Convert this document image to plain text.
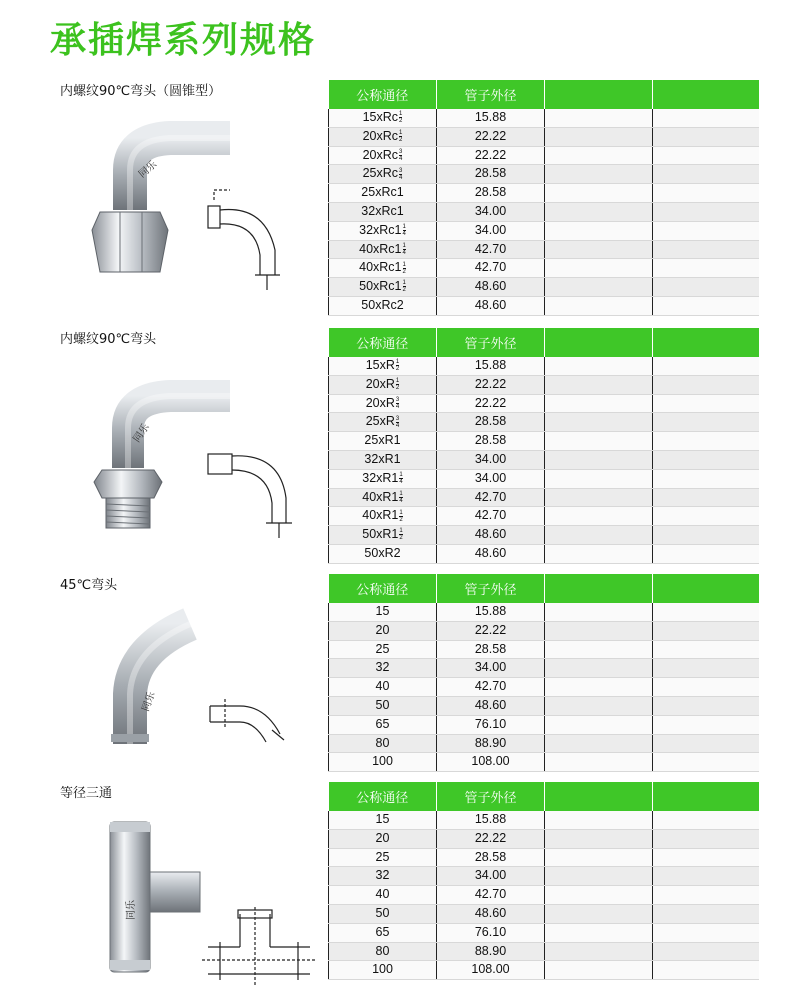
承插焊系列规格
内螺纹90℃弯头（圆锥型）
同乐
公称通径	管子外径		
$15xRc \frac{1}{2}$	15.88		
$20xRc \frac{1}{2}$	22.22		
$20xRc \frac{3}{4}$	22.22		
$25xRc \frac{3}{4}$	28.58		
25xRc1	28.58		
32xRc1	34.00		
$32xRc1 \frac{1}{4}$	34.00		
$40xRc1 \frac{1}{4}$	42.70		
$40xRc1 \frac{1}{2}$	42.70		
$50xRc1 \frac{1}{2}$	48.60		
50xRc2	48.60		
内螺纹90℃弯头
同乐
公称通径	管子外径		
$15xR \frac{1}{2}$	15.88		
$20xR \frac{1}{2}$	22.22		
$20xR \frac{3}{4}$	22.22		
$25xR \frac{3}{4}$	28.58		
25xR1	28.58		
32xR1	34.00		
$32xR1 \frac{1}{4}$	34.00		
$40xR1 \frac{1}{4}$	42.70		
$40xR1 \frac{1}{2}$	42.70		
$50xR1 \frac{1}{2}$	48.60		
50xR2	48.60		
45℃弯头
同乐
公称通径	管子外径		
15	15.88		
20	22.22		
25	28.58		
32	34.00		
40	42.70		
50	48.60		
65	76.10		
80	88.90		
100	108.00		
等径三通
同乐
公称通径	管子外径		
15	15.88		
20	22.22		
25	28.58		
32	34.00		
40	42.70		
50	48.60		
65	76.10		
80	88.90		
100	108.00		
